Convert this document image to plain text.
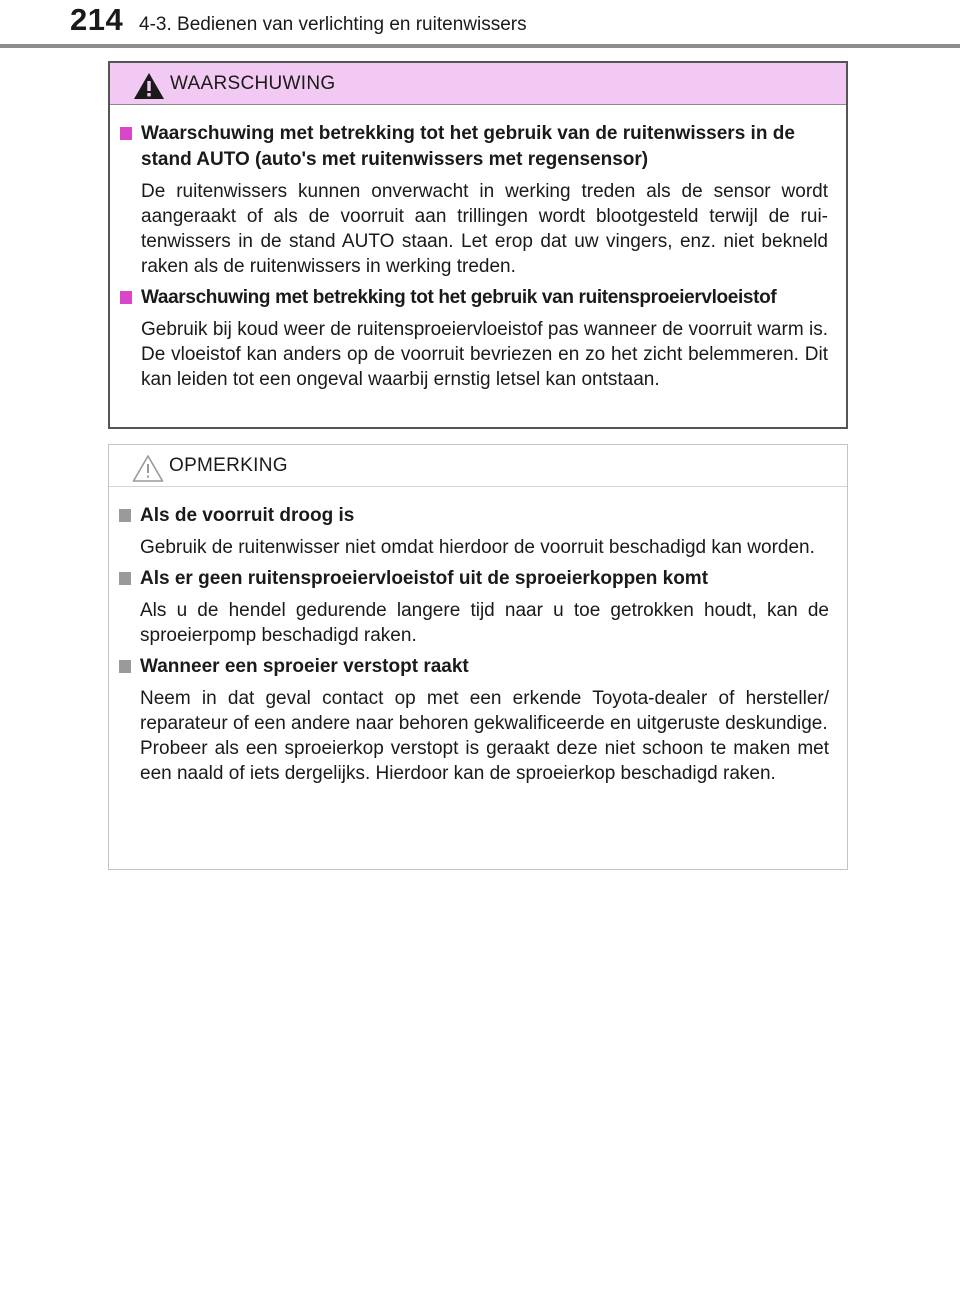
214 4-3. Bedienen van verlichting en ruitenwissers
WAARSCHUWING
Waarschuwing met betrekking tot het gebruik van de ruitenwissers in de stand AUTO (auto's met ruitenwissers met regensensor)

De ruitenwissers kunnen onverwacht in werking treden als de sensor wordt aangeraakt of als de voorruit aan trillingen wordt blootgesteld terwijl de ruitenwissers in de stand AUTO staan. Let erop dat uw vingers, enz. niet bekneld raken als de ruitenwissers in werking treden.

Waarschuwing met betrekking tot het gebruik van ruitensproeiervloeistof

Gebruik bij koud weer de ruitensproeiervloeistof pas wanneer de voorruit warm is. De vloeistof kan anders op de voorruit bevriezen en zo het zicht belemmeren. Dit kan leiden tot een ongeval waarbij ernstig letsel kan ontstaan.

OPMERKING
Als de voorruit droog is

Gebruik de ruitenwisser niet omdat hierdoor de voorruit beschadigd kan worden.

Als er geen ruitensproeiervloeistof uit de sproeierkoppen komt

Als u de hendel gedurende langere tijd naar u toe getrokken houdt, kan de sproeierpomp beschadigd raken.

Wanneer een sproeier verstopt raakt

Neem in dat geval contact op met een erkende Toyota-dealer of hersteller/ reparateur of een andere naar behoren gekwalificeerde en uitgeruste deskundige.

Probeer als een sproeierkop verstopt is geraakt deze niet schoon te maken met een naald of iets dergelijks. Hierdoor kan de sproeierkop beschadigd raken.
